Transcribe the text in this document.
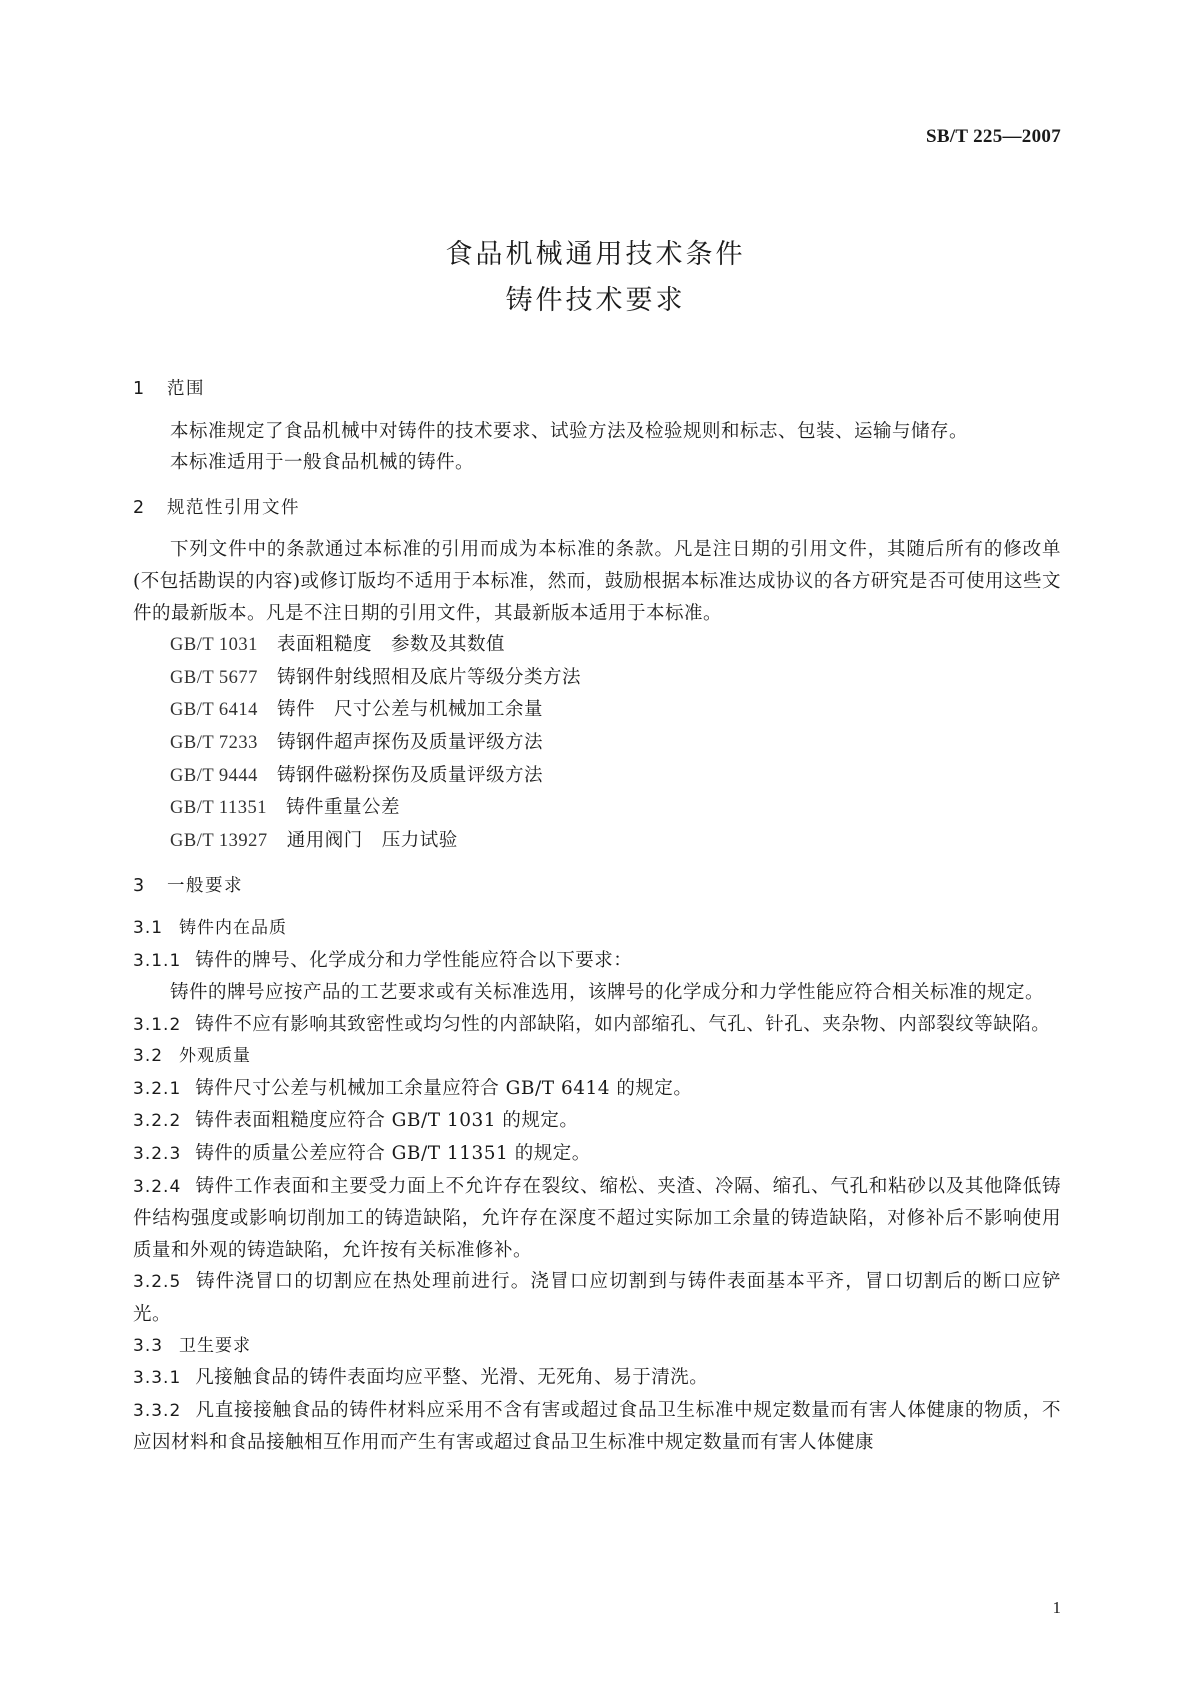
SB/T 225—2007
食品机械通用技术条件
铸件技术要求
1 范围

本标准规定了食品机械中对铸件的技术要求、试验方法及检验规则和标志、包装、运输与储存。

本标准适用于一般食品机械的铸件。

2 规范性引用文件

下列文件中的条款通过本标准的引用而成为本标准的条款。凡是注日期的引用文件，其随后所有的修改单(不包括勘误的内容)或修订版均不适用于本标准，然而，鼓励根据本标准达成协议的各方研究是否可使用这些文件的最新版本。凡是不注日期的引用文件，其最新版本适用于本标准。

GB/T 1031　 表面粗糙度　参数及其数值
GB/T 5677　 铸钢件射线照相及底片等级分类方法
GB/T 6414　 铸件　尺寸公差与机械加工余量
GB/T 7233　 铸钢件超声探伤及质量评级方法
GB/T 9444　 铸钢件磁粉探伤及质量评级方法
GB/T 11351　 铸件重量公差
GB/T 13927　 通用阀门　压力试验
3 一般要求
3.1 铸件内在品质

3.1.1 铸件的牌号、化学成分和力学性能应符合以下要求：

铸件的牌号应按产品的工艺要求或有关标准选用，该牌号的化学成分和力学性能应符合相关标准的规定。

3.1.2 铸件不应有影响其致密性或均匀性的内部缺陷，如内部缩孔、气孔、针孔、夹杂物、内部裂纹等缺陷。

3.2 外观质量

3.2.1 铸件尺寸公差与机械加工余量应符合 GB/T 6414 的规定。

3.2.2 铸件表面粗糙度应符合 GB/T 1031 的规定。

3.2.3 铸件的质量公差应符合 GB/T 11351 的规定。

3.2.4 铸件工作表面和主要受力面上不允许存在裂纹、缩松、夹渣、冷隔、缩孔、气孔和粘砂以及其他降低铸件结构强度或影响切削加工的铸造缺陷，允许存在深度不超过实际加工余量的铸造缺陷，对修补后不影响使用质量和外观的铸造缺陷，允许按有关标准修补。

3.2.5 铸件浇冒口的切割应在热处理前进行。浇冒口应切割到与铸件表面基本平齐，冒口切割后的断口应铲光。

3.3 卫生要求

3.3.1 凡接触食品的铸件表面均应平整、光滑、无死角、易于清洗。

3.3.2 凡直接接触食品的铸件材料应采用不含有害或超过食品卫生标准中规定数量而有害人体健康的物质，不应因材料和食品接触相互作用而产生有害或超过食品卫生标准中规定数量而有害人体健康

1
